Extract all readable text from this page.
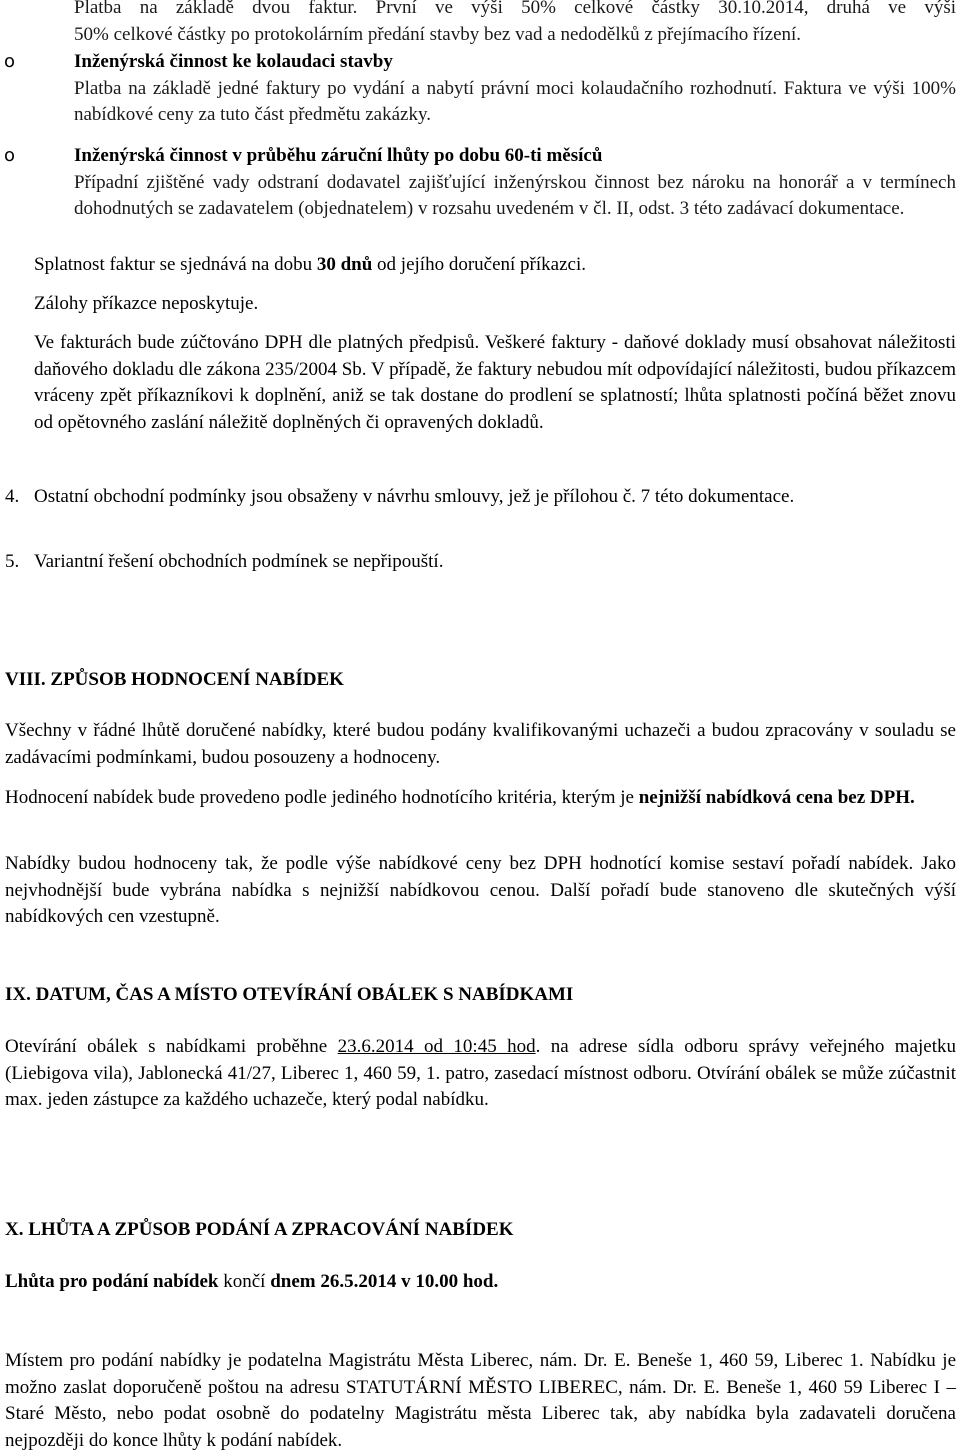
Platba na základě dvou faktur. První ve výši 50% celkové částky 30.10.2014, druhá ve výši

50% celkové částky po protokolárním předání stavby bez vad a nedodělků z přejímacího řízení.

o	Inženýrská činnost ke kolaudaci stavby

Platba na základě jedné faktury po vydání a nabytí právní moci kolaudačního rozhodnutí. Faktura ve výši 100% nabídkové ceny za tuto část předmětu zakázky.

o	Inženýrská činnost v průběhu záruční lhůty po dobu 60-ti měsíců

Případní zjištěné vady odstraní dodavatel zajišťující inženýrskou činnost bez nároku na honorář a v termínech dohodnutých se zadavatelem (objednatelem) v rozsahu uvedeném v čl. II, odst. 3 této zadávací dokumentace.

Splatnost faktur se sjednává na dobu 30 dnů od jejího doručení příkazci.

Zálohy příkazce neposkytuje.

Ve fakturách bude zúčtováno DPH dle platných předpisů. Veškeré faktury - daňové doklady musí obsahovat náležitosti daňového dokladu dle zákona 235/2004 Sb. V případě, že faktury nebudou mít odpovídající náležitosti, budou příkazcem vráceny zpět příkazníkovi k doplnění, aniž se tak dostane do prodlení se splatností; lhůta splatnosti počíná běžet znovu od opětovného zaslání náležitě doplněných či opravených dokladů.

4. Ostatní obchodní podmínky jsou obsaženy v návrhu smlouvy, jež je přílohou č. 7 této dokumentace.

5. Variantní řešení obchodních podmínek se nepřipouští.

VIII. ZPŮSOB HODNOCENÍ NABÍDEK

Všechny v řádné lhůtě doručené nabídky, které budou podány kvalifikovanými uchazeči a budou zpracovány v souladu se zadávacími podmínkami, budou posouzeny a hodnoceny.

Hodnocení nabídek bude provedeno podle jediného hodnotícího kritéria, kterým je nejnižší nabídková cena bez DPH.

Nabídky budou hodnoceny tak, že podle výše nabídkové ceny bez DPH hodnotící komise sestaví pořadí nabídek. Jako nejvhodnější bude vybrána nabídka s nejnižší nabídkovou cenou. Další pořadí bude stanoveno dle skutečných výší nabídkových cen vzestupně.

IX. DATUM, ČAS A MÍSTO OTEVÍRÁNÍ OBÁLEK S NABÍDKAMI

Otevírání obálek s nabídkami proběhne 23.6.2014 od 10:45 hod. na adrese sídla odboru správy veřejného majetku (Liebigova vila), Jablonecká 41/27, Liberec 1, 460 59, 1. patro, zasedací místnost odboru. Otvírání obálek se může zúčastnit max. jeden zástupce za každého uchazeče, který podal nabídku.

X. LHŮTA A ZPŮSOB PODÁNÍ A ZPRACOVÁNÍ NABÍDEK

Lhůta pro podání nabídek končí dnem 26.5.2014 v 10.00 hod.

Místem pro podání nabídky je podatelna Magistrátu Města Liberec, nám. Dr. E. Beneše 1, 460 59, Liberec 1. Nabídku je možno zaslat doporučeně poštou na adresu STATUTÁRNÍ MĚSTO LIBEREC, nám. Dr. E. Beneše 1, 460 59 Liberec I – Staré Město, nebo podat osobně do podatelny Magistrátu města Liberec tak, aby nabídka byla zadavateli doručena nejpozději do konce lhůty k podání nabídek.
